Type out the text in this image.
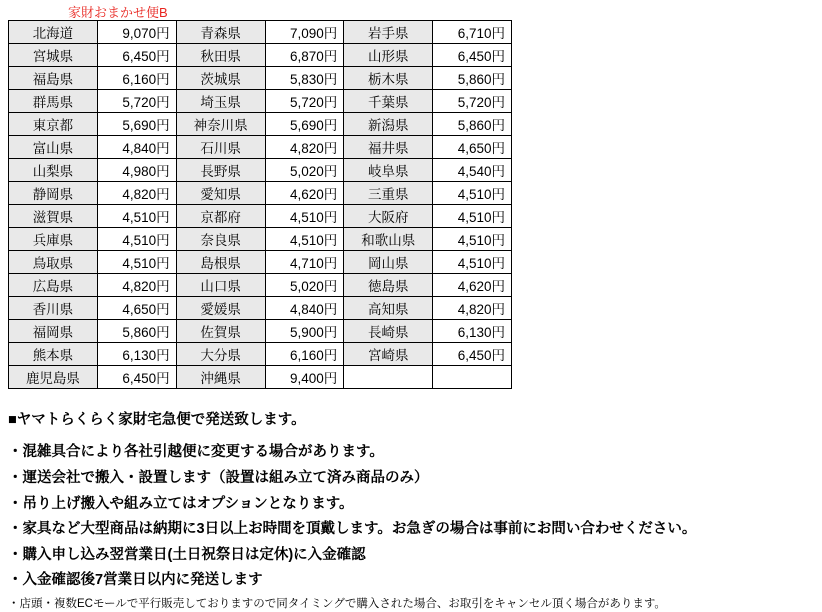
家財おまかせ便B
北海道	9,070円	青森県	7,090円	岩手県	6,710円
宮城県	6,450円	秋田県	6,870円	山形県	6,450円
福島県	6,160円	茨城県	5,830円	栃木県	5,860円
群馬県	5,720円	埼玉県	5,720円	千葉県	5,720円
東京都	5,690円	神奈川県	5,690円	新潟県	5,860円
富山県	4,840円	石川県	4,820円	福井県	4,650円
山梨県	4,980円	長野県	5,020円	岐阜県	4,540円
静岡県	4,820円	愛知県	4,620円	三重県	4,510円
滋賀県	4,510円	京都府	4,510円	大阪府	4,510円
兵庫県	4,510円	奈良県	4,510円	和歌山県	4,510円
鳥取県	4,510円	島根県	4,710円	岡山県	4,510円
広島県	4,820円	山口県	5,020円	徳島県	4,620円
香川県	4,650円	愛媛県	4,840円	高知県	4,820円
福岡県	5,860円	佐賀県	5,900円	長崎県	6,130円
熊本県	6,130円	大分県	6,160円	宮崎県	6,450円
鹿児島県	6,450円	沖縄県	9,400円		

■ヤマトらくらく家財宅急便で発送致します。

・混雑具合により各社引越便に変更する場合があります。

・運送会社で搬入・設置します（設置は組み立て済み商品のみ）

・吊り上げ搬入や組み立てはオプションとなります。

・家具など大型商品は納期に3日以上お時間を頂戴します。お急ぎの場合は事前にお問い合わせください。

・購入申し込み翌営業日(土日祝祭日は定休)に入金確認

・入金確認後7営業日以内に発送します

・店頭・複数ECモールで平行販売しておりますので同タイミングで購入された場合、お取引をキャンセル頂く場合があります。
